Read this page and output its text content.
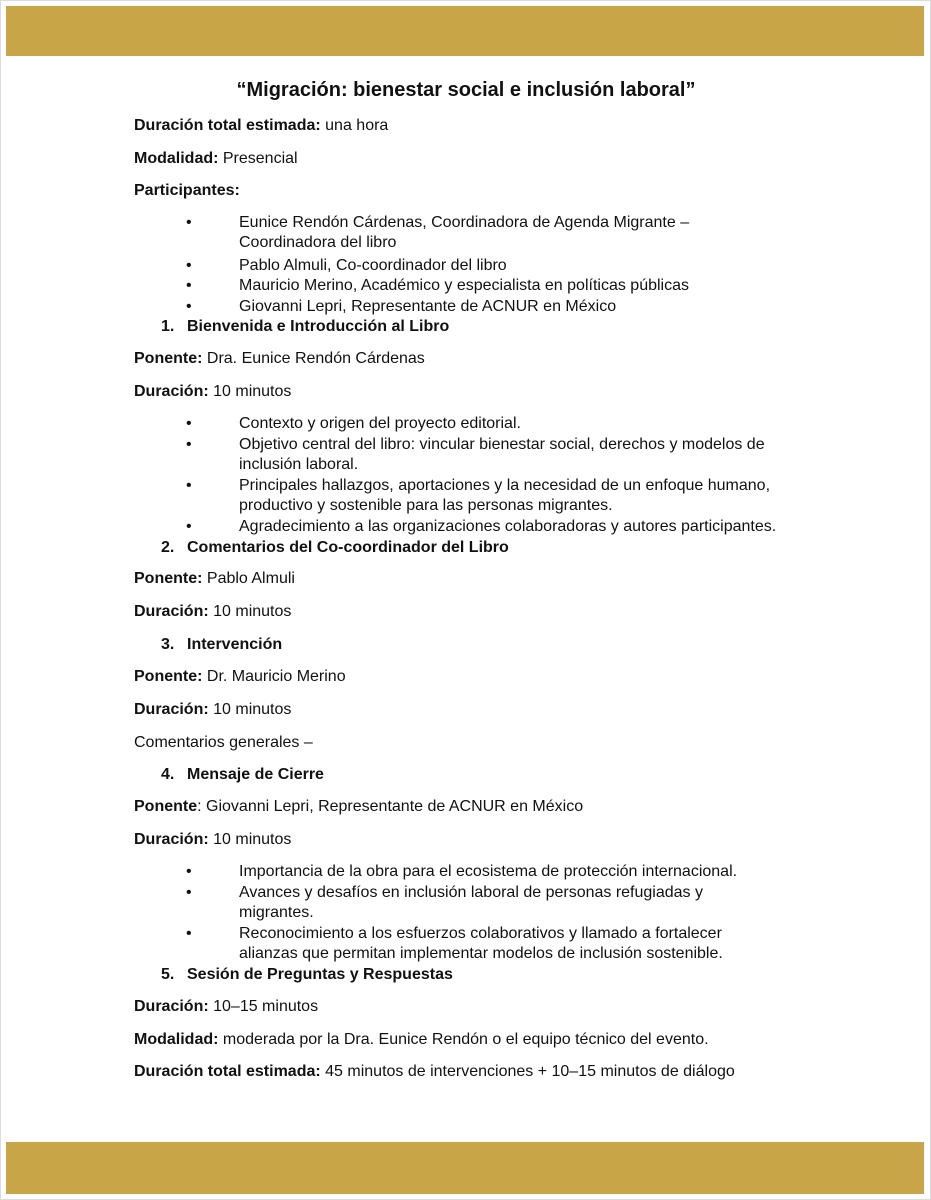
“Migración: bienestar social e inclusión laboral”
Duración total estimada: una hora
Modalidad: Presencial
Participantes:
•	Eunice Rendón Cárdenas, Coordinadora de Agenda Migrante – Coordinadora del libro
•	Pablo Almuli, Co-coordinador del libro
•	Mauricio Merino, Académico y especialista en políticas públicas
•	Giovanni Lepri, Representante de ACNUR en México
1. Bienvenida e Introducción al Libro
Ponente: Dra. Eunice Rendón Cárdenas
Duración: 10 minutos
•	Contexto y origen del proyecto editorial.
•	Objetivo central del libro: vincular bienestar social, derechos y modelos de inclusión laboral.
•	Principales hallazgos, aportaciones y la necesidad de un enfoque humano, productivo y sostenible para las personas migrantes.
•	Agradecimiento a las organizaciones colaboradoras y autores participantes.
2. Comentarios del Co-coordinador del Libro
Ponente: Pablo Almuli
Duración: 10 minutos
3. Intervención
Ponente: Dr. Mauricio Merino
Duración: 10 minutos
Comentarios generales –
4. Mensaje de Cierre
Ponente: Giovanni Lepri, Representante de ACNUR en México
Duración: 10 minutos
•	Importancia de la obra para el ecosistema de protección internacional.
•	Avances y desafíos en inclusión laboral de personas refugiadas y migrantes.
•	Reconocimiento a los esfuerzos colaborativos y llamado a fortalecer alianzas que permitan implementar modelos de inclusión sostenible.
5. Sesión de Preguntas y Respuestas
Duración: 10–15 minutos
Modalidad: moderada por la Dra. Eunice Rendón o el equipo técnico del evento.
Duración total estimada: 45 minutos de intervenciones + 10–15 minutos de diálogo
